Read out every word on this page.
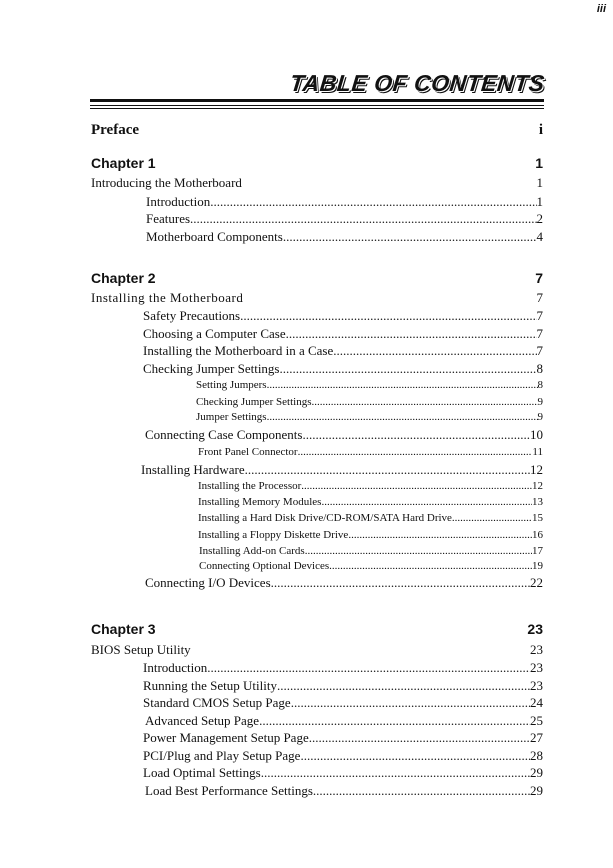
iii
TABLE OF CONTENTS
Preface	i
Chapter 1	1
Introducing the Motherboard	1
Introduction .....	1
Features .....	2
Motherboard Components .....	4
Chapter 2	7
Installing the Motherboard	7
Safety Precautions .....	7
Choosing a Computer Case .....	7
Installing the Motherboard in a Case .....	7
Checking Jumper Settings .....	8
Setting Jumpers .....	8
Checking Jumper Settings .....	9
Jumper Settings .....	9
Connecting Case Components .....	10
Front Panel Connector .....	11
Installing Hardware .....	12
Installing the Processor .....	12
Installing Memory Modules .....	13
Installing a Hard Disk Drive/CD-ROM/SATA Hard Drive .....	15
Installing a Floppy Diskette Drive .....	16
Installing Add-on Cards .....	17
Connecting Optional Devices .....	19
Connecting I/O Devices .....	22
Chapter 3	23
BIOS Setup Utility	23
Introduction .....	23
Running the Setup Utility .....	23
Standard CMOS Setup Page .....	24
Advanced Setup Page .....	25
Power Management Setup Page .....	27
PCI/Plug and Play Setup Page .....	28
Load Optimal Settings .....	29
Load Best Performance Settings .....	29
